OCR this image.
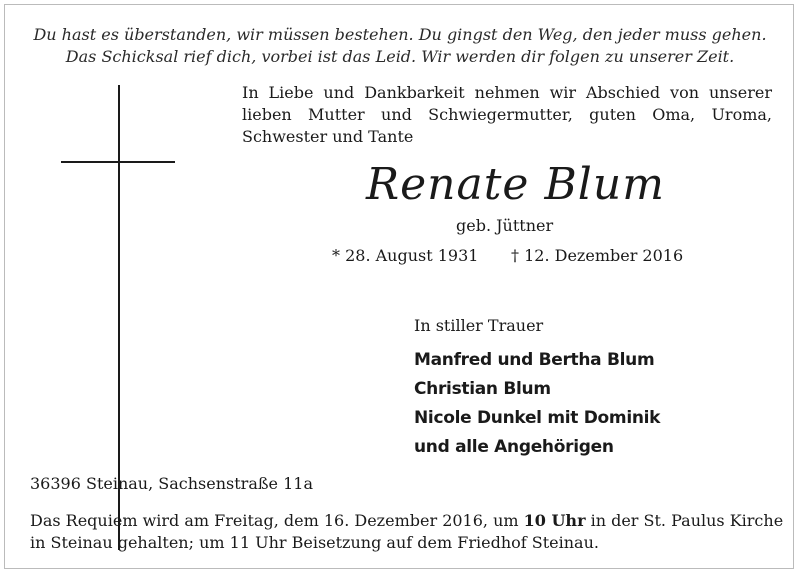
Du hast es überstanden, wir müssen bestehen. Du gingst den Weg, den jeder muss gehen.
Das Schicksal rief dich, vorbei ist das Leid. Wir werden dir folgen zu unserer Zeit.
In Liebe und Dankbarkeit nehmen wir Abschied von unserer lieben Mutter und Schwiegermutter, guten Oma, Uroma, Schwester und Tante
Renate Blum
geb. Jüttner
* 28. August 1931 † 12. Dezember 2016
In stiller Trauer
Manfred und Bertha Blum
Christian Blum
Nicole Dunkel mit Dominik
und alle Angehörigen
36396 Steinau, Sachsenstraße 11a
Das Requiem wird am Freitag, dem 16. Dezember 2016, um 10 Uhr in der St. Paulus Kirche
in Steinau gehalten; um 11 Uhr Beisetzung auf dem Friedhof Steinau.
